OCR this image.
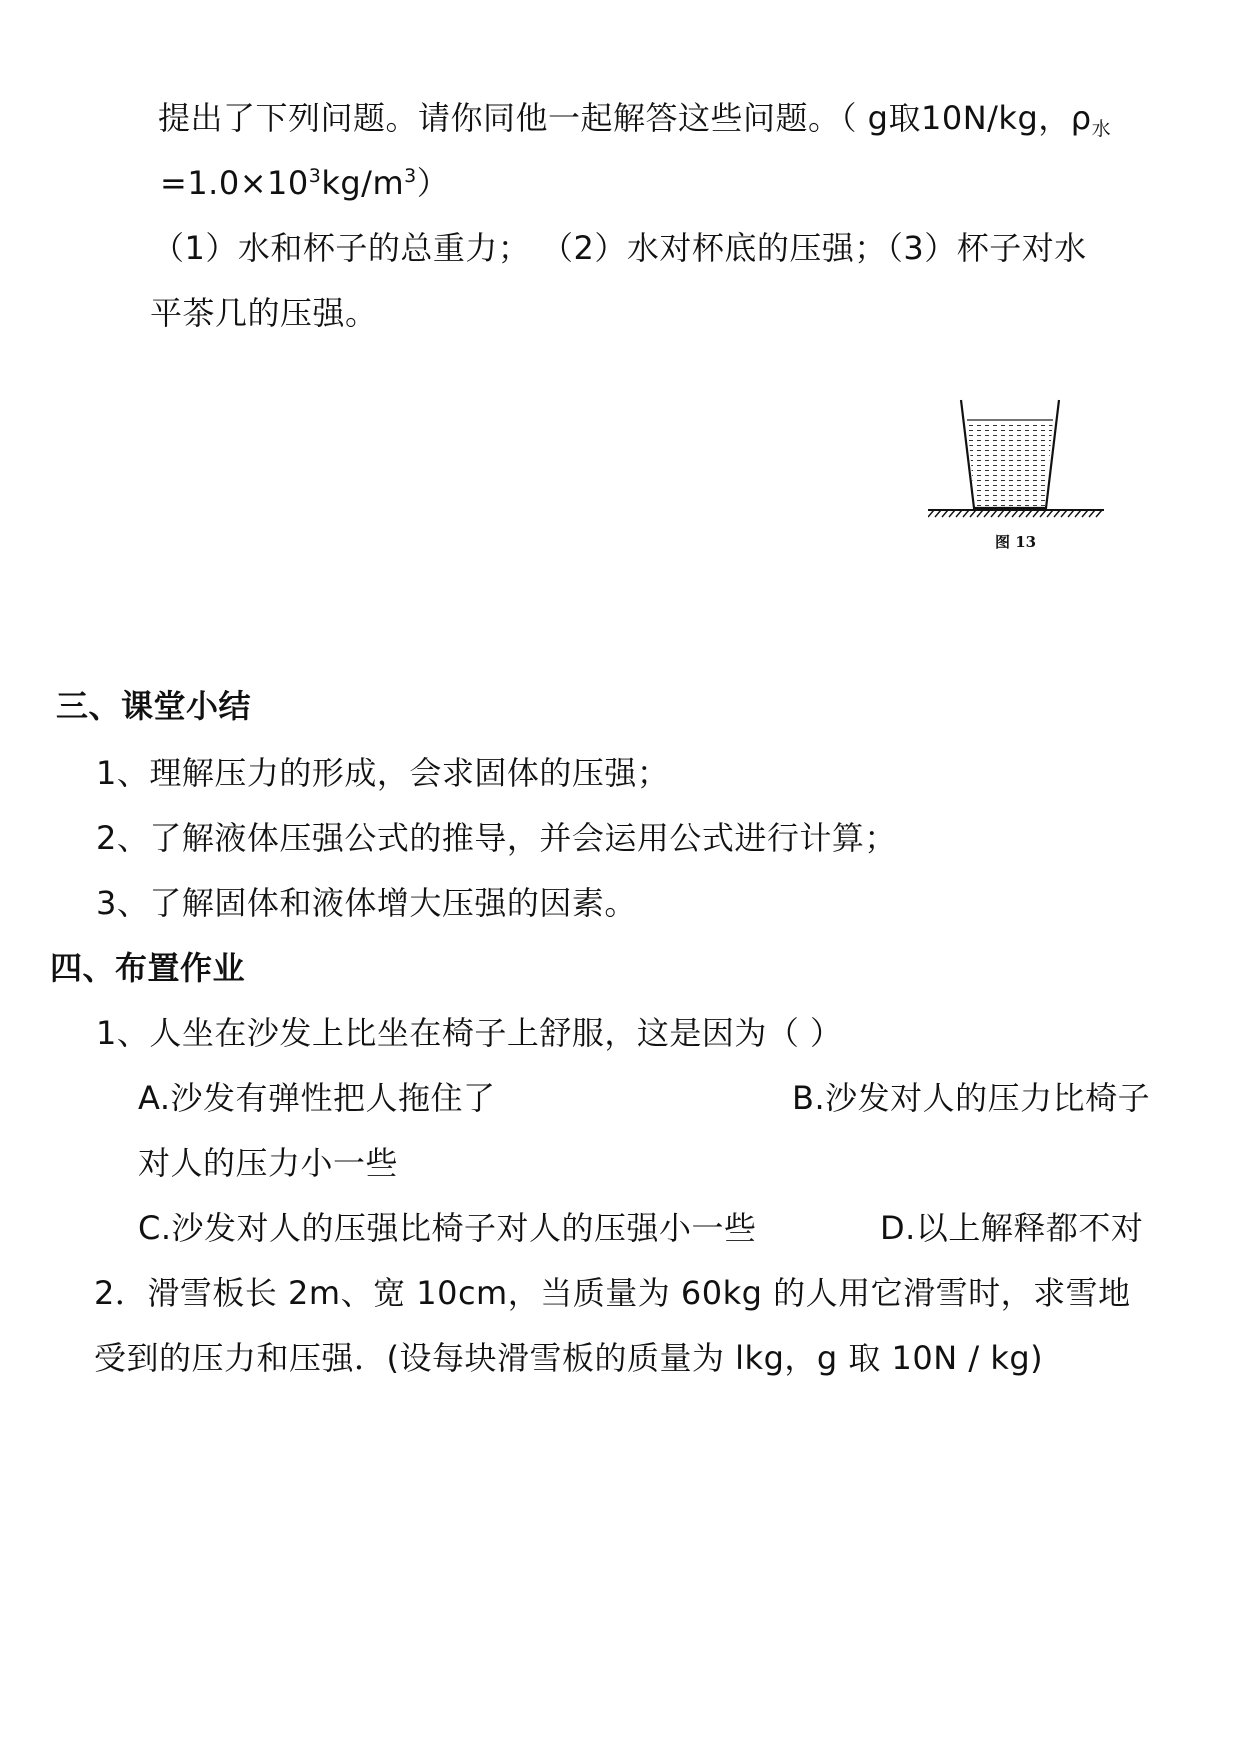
提出了下列问题。请你同他一起解答这些问题。（ g取10N/kg，$\rho_水$
$=1.0\times 10^3kg/m^3$）
（1）水和杯子的总重力； （2）水对杯底的压强；（3）杯子对水
平茶几的压强。
图 13
三、课堂小结
1、理解压力的形成，会求固体的压强；
2、了解液体压强公式的推导，并会运用公式进行计算；
3、了解固体和液体增大压强的因素。
四、布置作业
1、人坐在沙发上比坐在椅子上舒服，这是因为（ ）
A.沙发有弹性把人拖住了	B.沙发对人的压力比椅子
对人的压力小一些
C.沙发对人的压强比椅子对人的压强小一些	D.以上解释都不对
2．滑雪板长 2m、宽 10cm，当质量为 60kg 的人用它滑雪时，求雪地
受到的压力和压强．(设每块滑雪板的质量为 lkg，g 取 10N / kg)
